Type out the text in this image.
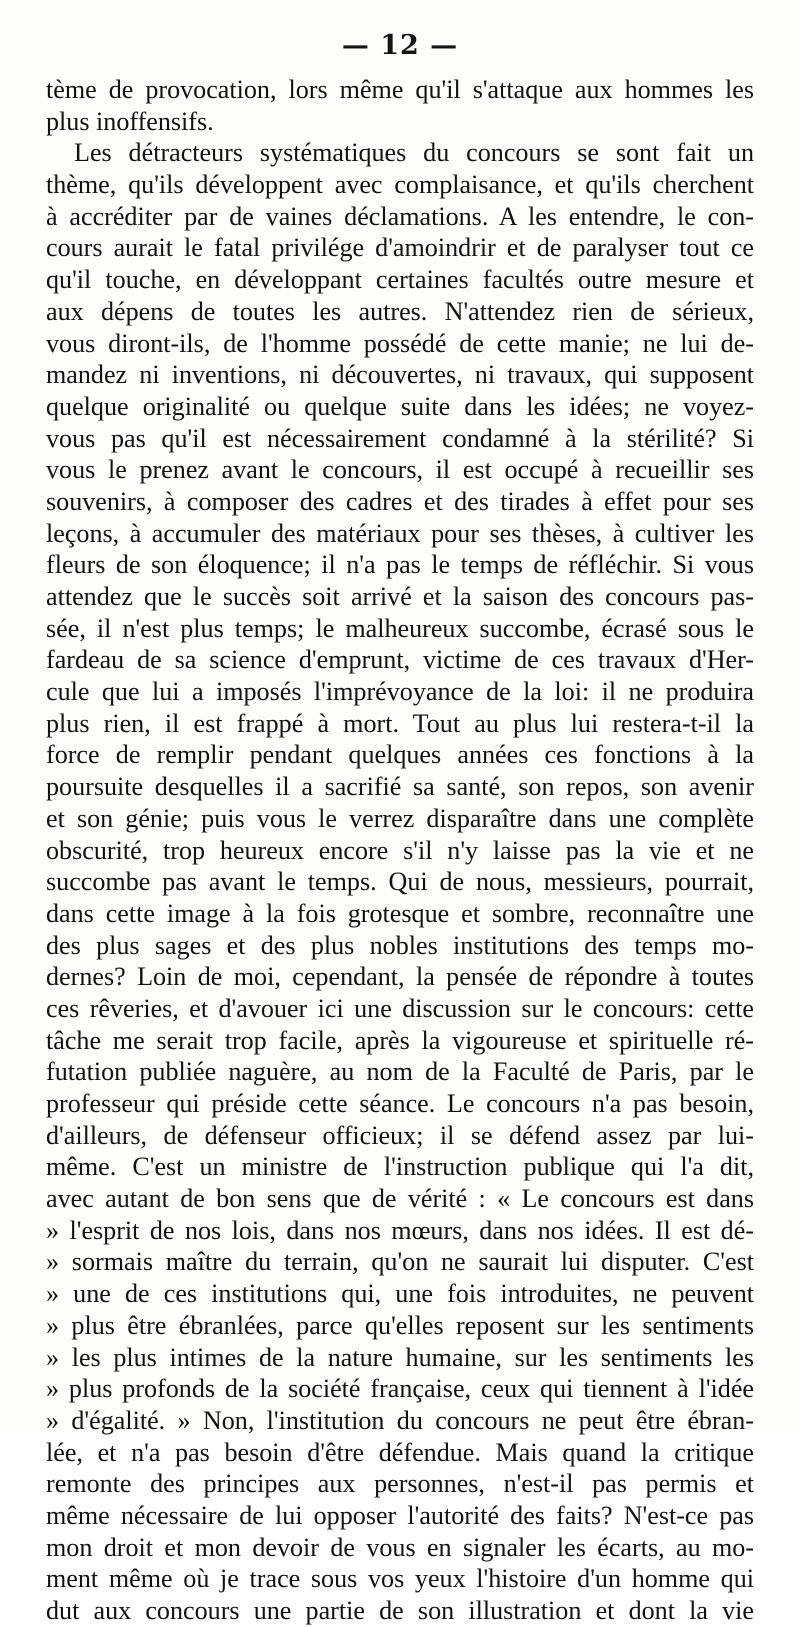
— 12 —
tème de provocation, lors même qu'il s'attaque aux hommes les
plus inoffensifs.
Les détracteurs systématiques du concours se sont fait un
thème, qu'ils développent avec complaisance, et qu'ils cherchent
à accréditer par de vaines déclamations. A les entendre, le con-
cours aurait le fatal privilége d'amoindrir et de paralyser tout ce
qu'il touche, en développant certaines facultés outre mesure et
aux dépens de toutes les autres. N'attendez rien de sérieux,
vous diront-ils, de l'homme possédé de cette manie; ne lui de-
mandez ni inventions, ni découvertes, ni travaux, qui supposent
quelque originalité ou quelque suite dans les idées; ne voyez-
vous pas qu'il est nécessairement condamné à la stérilité? Si
vous le prenez avant le concours, il est occupé à recueillir ses
souvenirs, à composer des cadres et des tirades à effet pour ses
leçons, à accumuler des matériaux pour ses thèses, à cultiver les
fleurs de son éloquence; il n'a pas le temps de réfléchir. Si vous
attendez que le succès soit arrivé et la saison des concours pas-
sée, il n'est plus temps; le malheureux succombe, écrasé sous le
fardeau de sa science d'emprunt, victime de ces travaux d'Her-
cule que lui a imposés l'imprévoyance de la loi: il ne produira
plus rien, il est frappé à mort. Tout au plus lui restera-t-il la
force de remplir pendant quelques années ces fonctions à la
poursuite desquelles il a sacrifié sa santé, son repos, son avenir
et son génie; puis vous le verrez disparaître dans une complète
obscurité, trop heureux encore s'il n'y laisse pas la vie et ne
succombe pas avant le temps. Qui de nous, messieurs, pourrait,
dans cette image à la fois grotesque et sombre, reconnaître une
des plus sages et des plus nobles institutions des temps mo-
dernes? Loin de moi, cependant, la pensée de répondre à toutes
ces rêveries, et d'avouer ici une discussion sur le concours: cette
tâche me serait trop facile, après la vigoureuse et spirituelle ré-
futation publiée naguère, au nom de la Faculté de Paris, par le
professeur qui préside cette séance. Le concours n'a pas besoin,
d'ailleurs, de défenseur officieux; il se défend assez par lui-
même. C'est un ministre de l'instruction publique qui l'a dit,
avec autant de bon sens que de vérité : « Le concours est dans
» l'esprit de nos lois, dans nos mœurs, dans nos idées. Il est dé-
» sormais maître du terrain, qu'on ne saurait lui disputer. C'est
» une de ces institutions qui, une fois introduites, ne peuvent
» plus être ébranlées, parce qu'elles reposent sur les sentiments
» les plus intimes de la nature humaine, sur les sentiments les
» plus profonds de la société française, ceux qui tiennent à l'idée
» d'égalité. » Non, l'institution du concours ne peut être ébran-
lée, et n'a pas besoin d'être défendue. Mais quand la critique
remonte des principes aux personnes, n'est-il pas permis et
même nécessaire de lui opposer l'autorité des faits? N'est-ce pas
mon droit et mon devoir de vous en signaler les écarts, au mo-
ment même où je trace sous vos yeux l'histoire d'un homme qui
dut aux concours une partie de son illustration et dont la vie
